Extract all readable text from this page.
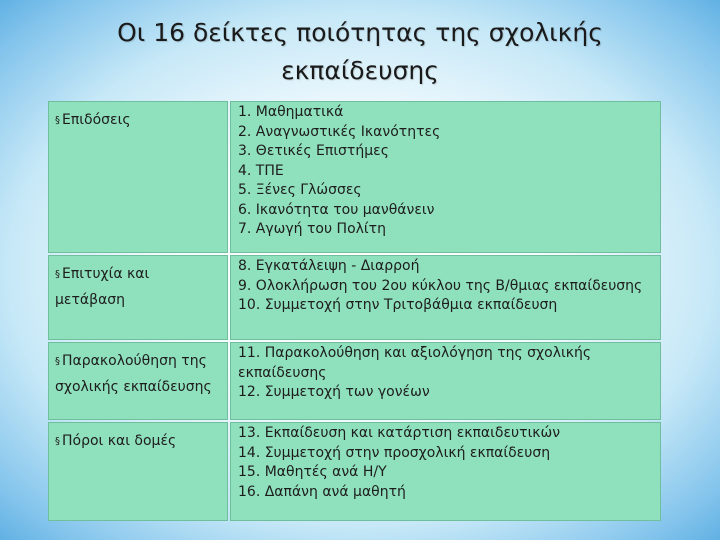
Οι 16 δείκτες ποιότητας της σχολικής
εκπαίδευσης
§ Επιδόσεις	1. Μαθηματικά
2. Αναγνωστικές Ικανότητες
3. Θετικές Επιστήμες
4. ΤΠΕ
5. Ξένες Γλώσσες
6. Ικανότητα του μανθάνειν
7. Αγωγή του Πολίτη
§ Επιτυχία και μετάβαση
8. Εγκατάλειψη - Διαρροή
9. Ολοκλήρωση του 2ου κύκλου της Β/θμιας εκπαίδευσης
10. Συμμετοχή στην Τριτοβάθμια εκπαίδευση
§ Παρακολούθηση της σχολικής εκπαίδευσης
11. Παρακολούθηση και αξιολόγηση της σχολικής εκπαίδευσης
12. Συμμετοχή των γονέων
§ Πόροι και δομές	13. Εκπαίδευση και κατάρτιση εκπαιδευτικών
14. Συμμετοχή στην προσχολική εκπαίδευση
15. Μαθητές ανά Η/Υ
16. Δαπάνη ανά μαθητή
